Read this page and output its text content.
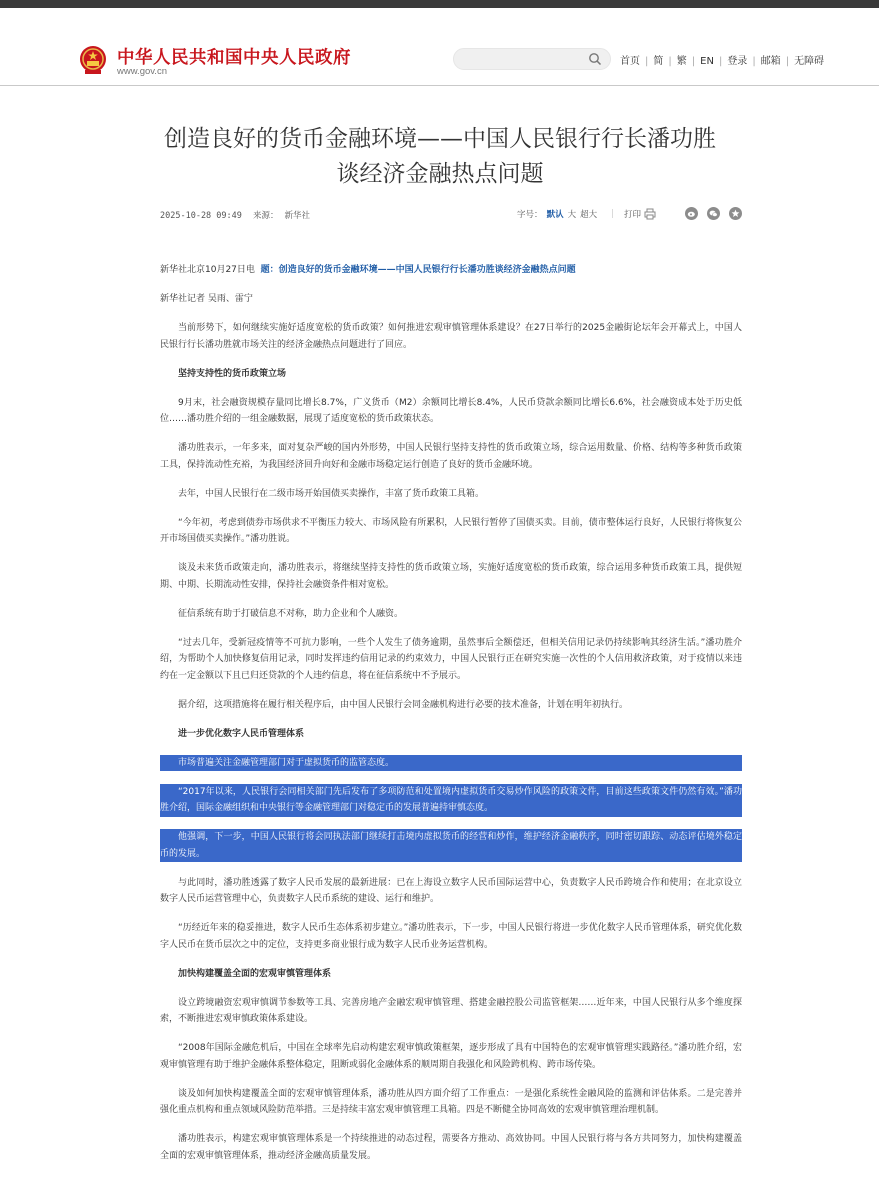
中华人民共和国中央人民政府
www.gov.cn
首页 | 简 | 繁 | EN | 登录 | 邮箱 | 无障碍
创造良好的货币金融环境——中国人民银行行长潘功胜
谈经济金融热点问题
2025-10-28 09:49 来源： 新华社	字号： 默认 大 超大 | 打印

新华社北京10月27日电 题：创造良好的货币金融环境——中国人民银行行长潘功胜谈经济金融热点问题

新华社记者 吴雨、雷宁

当前形势下，如何继续实施好适度宽松的货币政策？如何推进宏观审慎管理体系建设？在27日举行的2025金融街论坛年会开幕式上，中国人民银行行长潘功胜就市场关注的经济金融热点问题进行了回应。

坚持支持性的货币政策立场

9月末，社会融资规模存量同比增长8.7%，广义货币（M2）余额同比增长8.4%，人民币贷款余额同比增长6.6%，社会融资成本处于历史低位……潘功胜介绍的一组金融数据，展现了适度宽松的货币政策状态。

潘功胜表示，一年多来，面对复杂严峻的国内外形势，中国人民银行坚持支持性的货币政策立场，综合运用数量、价格、结构等多种货币政策工具，保持流动性充裕，为我国经济回升向好和金融市场稳定运行创造了良好的货币金融环境。

去年，中国人民银行在二级市场开始国债买卖操作，丰富了货币政策工具箱。

“今年初，考虑到债券市场供求不平衡压力较大、市场风险有所累积，人民银行暂停了国债买卖。目前，债市整体运行良好，人民银行将恢复公开市场国债买卖操作。”潘功胜说。

谈及未来货币政策走向，潘功胜表示，将继续坚持支持性的货币政策立场，实施好适度宽松的货币政策，综合运用多种货币政策工具，提供短期、中期、长期流动性安排，保持社会融资条件相对宽松。

征信系统有助于打破信息不对称，助力企业和个人融资。

“过去几年，受新冠疫情等不可抗力影响，一些个人发生了债务逾期，虽然事后全额偿还，但相关信用记录仍持续影响其经济生活。”潘功胜介绍，为帮助个人加快修复信用记录，同时发挥违约信用记录的约束效力，中国人民银行正在研究实施一次性的个人信用救济政策，对于疫情以来违约在一定金额以下且已归还贷款的个人违约信息，将在征信系统中不予展示。

据介绍，这项措施将在履行相关程序后，由中国人民银行会同金融机构进行必要的技术准备，计划在明年初执行。

进一步优化数字人民币管理体系

市场普遍关注金融管理部门对于虚拟货币的监管态度。

“2017年以来，人民银行会同相关部门先后发布了多项防范和处置境内虚拟货币交易炒作风险的政策文件，目前这些政策文件仍然有效。”潘功胜介绍，国际金融组织和中央银行等金融管理部门对稳定币的发展普遍持审慎态度。

他强调，下一步，中国人民银行将会同执法部门继续打击境内虚拟货币的经营和炒作，维护经济金融秩序，同时密切跟踪、动态评估境外稳定币的发展。

与此同时，潘功胜透露了数字人民币发展的最新进展：已在上海设立数字人民币国际运营中心，负责数字人民币跨境合作和使用；在北京设立数字人民币运营管理中心，负责数字人民币系统的建设、运行和维护。

“历经近年来的稳妥推进，数字人民币生态体系初步建立。”潘功胜表示，下一步，中国人民银行将进一步优化数字人民币管理体系，研究优化数字人民币在货币层次之中的定位，支持更多商业银行成为数字人民币业务运营机构。

加快构建覆盖全面的宏观审慎管理体系

设立跨境融资宏观审慎调节参数等工具、完善房地产金融宏观审慎管理、搭建金融控股公司监管框架……近年来，中国人民银行从多个维度探索，不断推进宏观审慎政策体系建设。

“2008年国际金融危机后，中国在全球率先启动构建宏观审慎政策框架，逐步形成了具有中国特色的宏观审慎管理实践路径。”潘功胜介绍，宏观审慎管理有助于维护金融体系整体稳定，阻断或弱化金融体系的顺周期自我强化和风险跨机构、跨市场传染。

谈及如何加快构建覆盖全面的宏观审慎管理体系，潘功胜从四方面介绍了工作重点：一是强化系统性金融风险的监测和评估体系。二是完善并强化重点机构和重点领域风险防范举措。三是持续丰富宏观审慎管理工具箱。四是不断健全协同高效的宏观审慎管理治理机制。

潘功胜表示，构建宏观审慎管理体系是一个持续推进的动态过程，需要各方推动、高效协同。中国人民银行将与各方共同努力，加快构建覆盖全面的宏观审慎管理体系，推动经济金融高质量发展。
